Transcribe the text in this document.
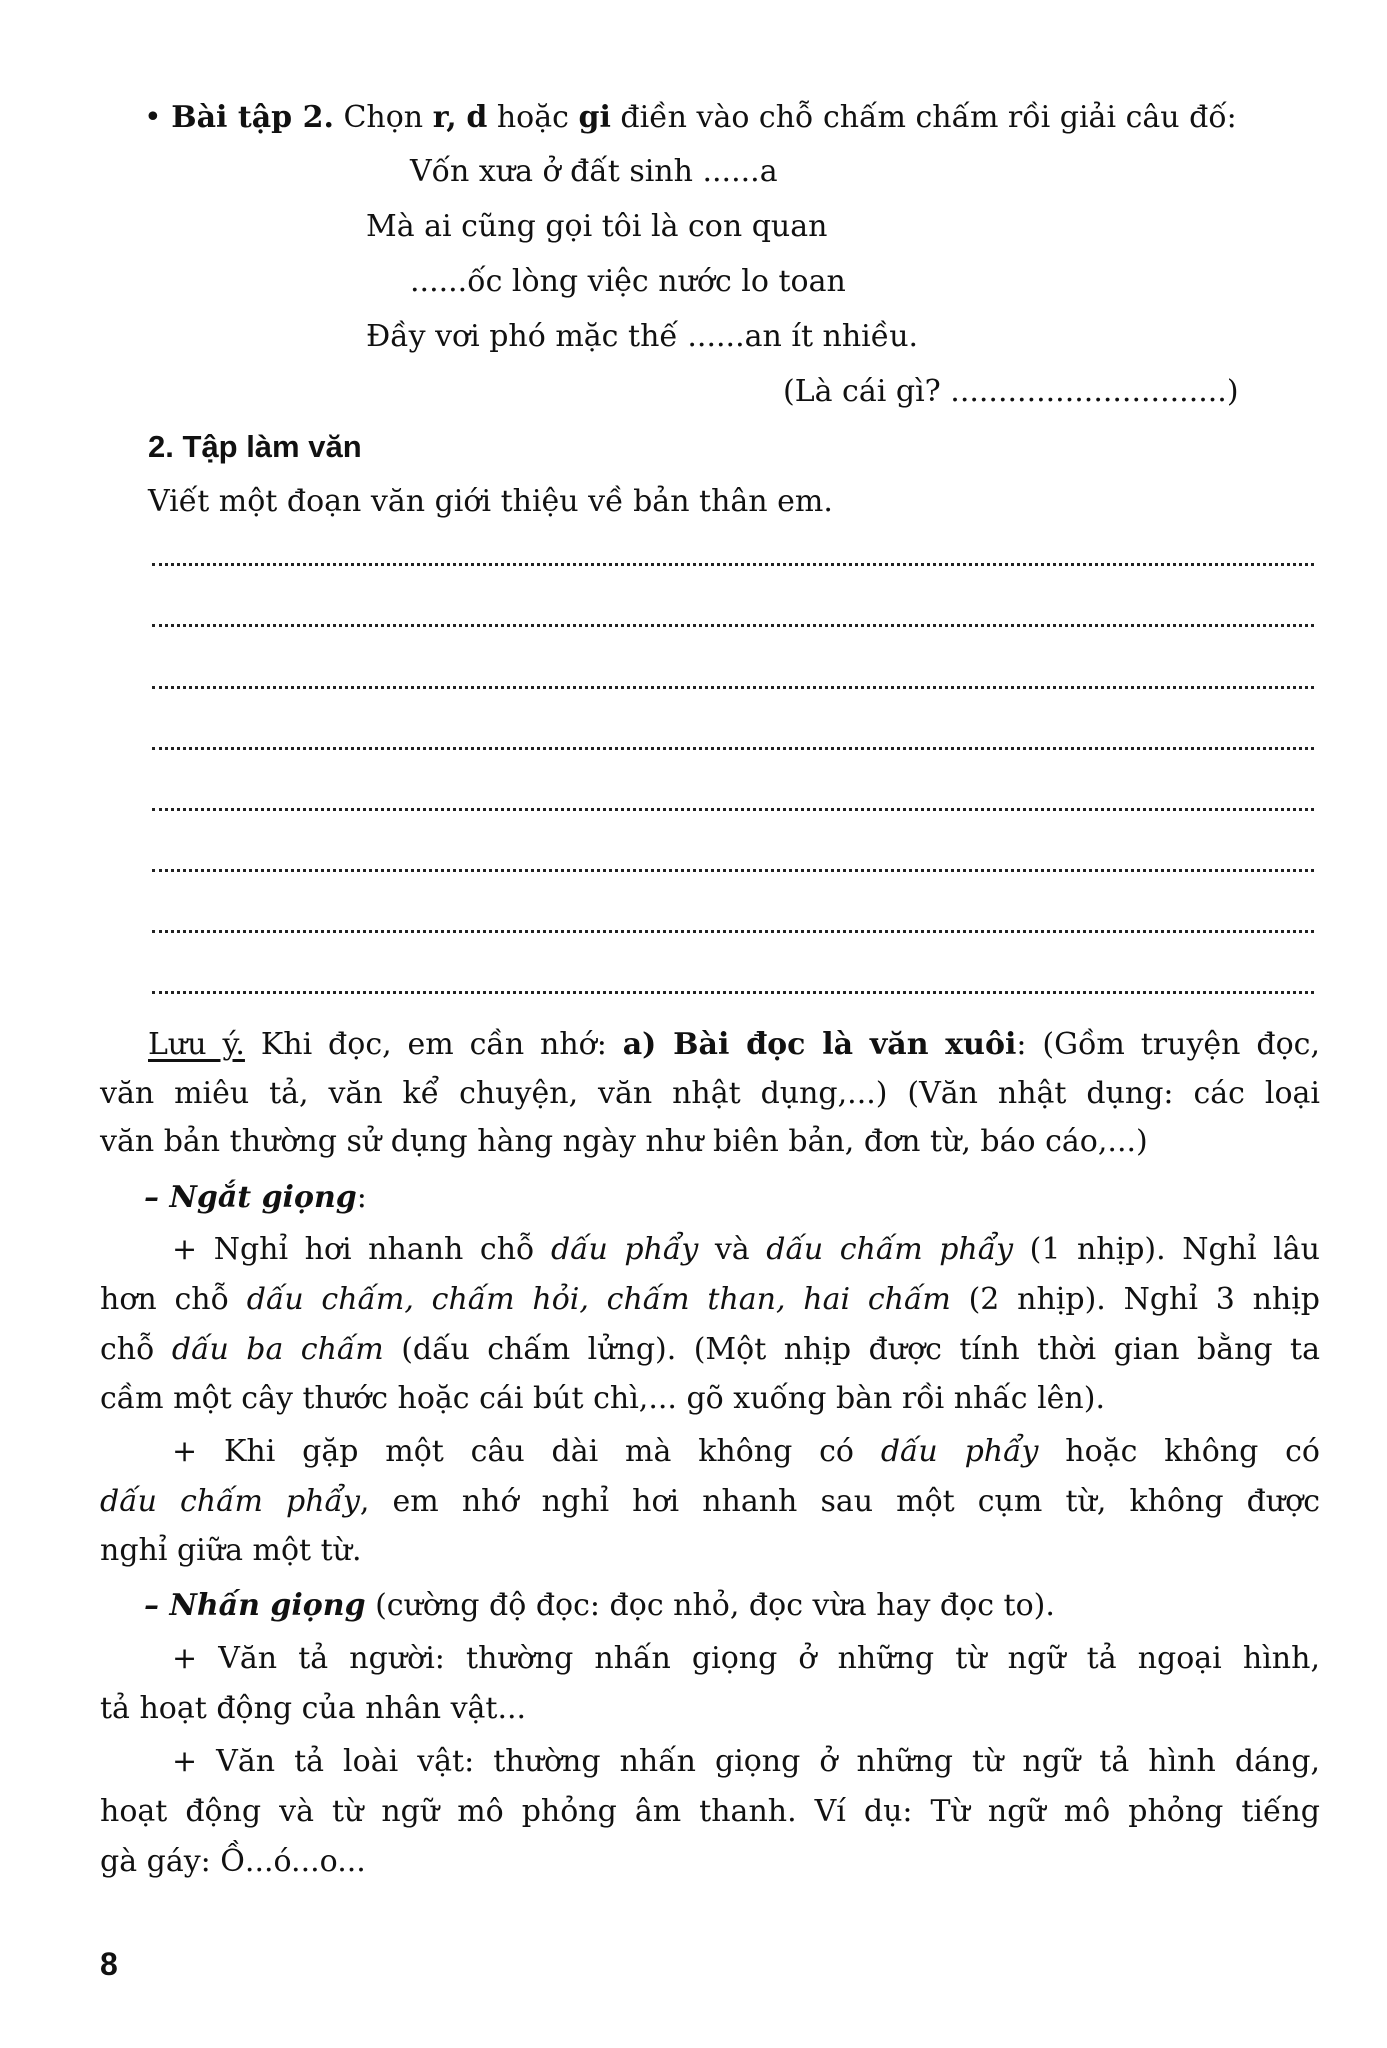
• Bài tập 2. Chọn r, d hoặc gi điền vào chỗ chấm chấm rồi giải câu đố:
Vốn xưa ở đất sinh ......a
Mà ai cũng gọi tôi là con quan
......ốc lòng việc nước lo toan
Đầy vơi phó mặc thế ......an ít nhiều.
(Là cái gì? .............................)
2. Tập làm văn
Viết một đoạn văn giới thiệu về bản thân em.
Lưu ý. Khi đọc, em cần nhớ: a) Bài đọc là văn xuôi: (Gồm truyện đọc,
văn miêu tả, văn kể chuyện, văn nhật dụng,...) (Văn nhật dụng: các loại
văn bản thường sử dụng hàng ngày như biên bản, đơn từ, báo cáo,...)
– Ngắt giọng:
+ Nghỉ hơi nhanh chỗ dấu phẩy và dấu chấm phẩy (1 nhịp). Nghỉ lâu
hơn chỗ dấu chấm, chấm hỏi, chấm than, hai chấm (2 nhịp). Nghỉ 3 nhịp
chỗ dấu ba chấm (dấu chấm lửng). (Một nhịp được tính thời gian bằng ta
cầm một cây thước hoặc cái bút chì,... gõ xuống bàn rồi nhấc lên).
+ Khi gặp một câu dài mà không có dấu phẩy hoặc không có
dấu chấm phẩy, em nhớ nghỉ hơi nhanh sau một cụm từ, không được
nghỉ giữa một từ.
– Nhấn giọng (cường độ đọc: đọc nhỏ, đọc vừa hay đọc to).
+ Văn tả người: thường nhấn giọng ở những từ ngữ tả ngoại hình,
tả hoạt động của nhân vật...
+ Văn tả loài vật: thường nhấn giọng ở những từ ngữ tả hình dáng,
hoạt động và từ ngữ mô phỏng âm thanh. Ví dụ: Từ ngữ mô phỏng tiếng
gà gáy: Ồ...ó...o...
8
